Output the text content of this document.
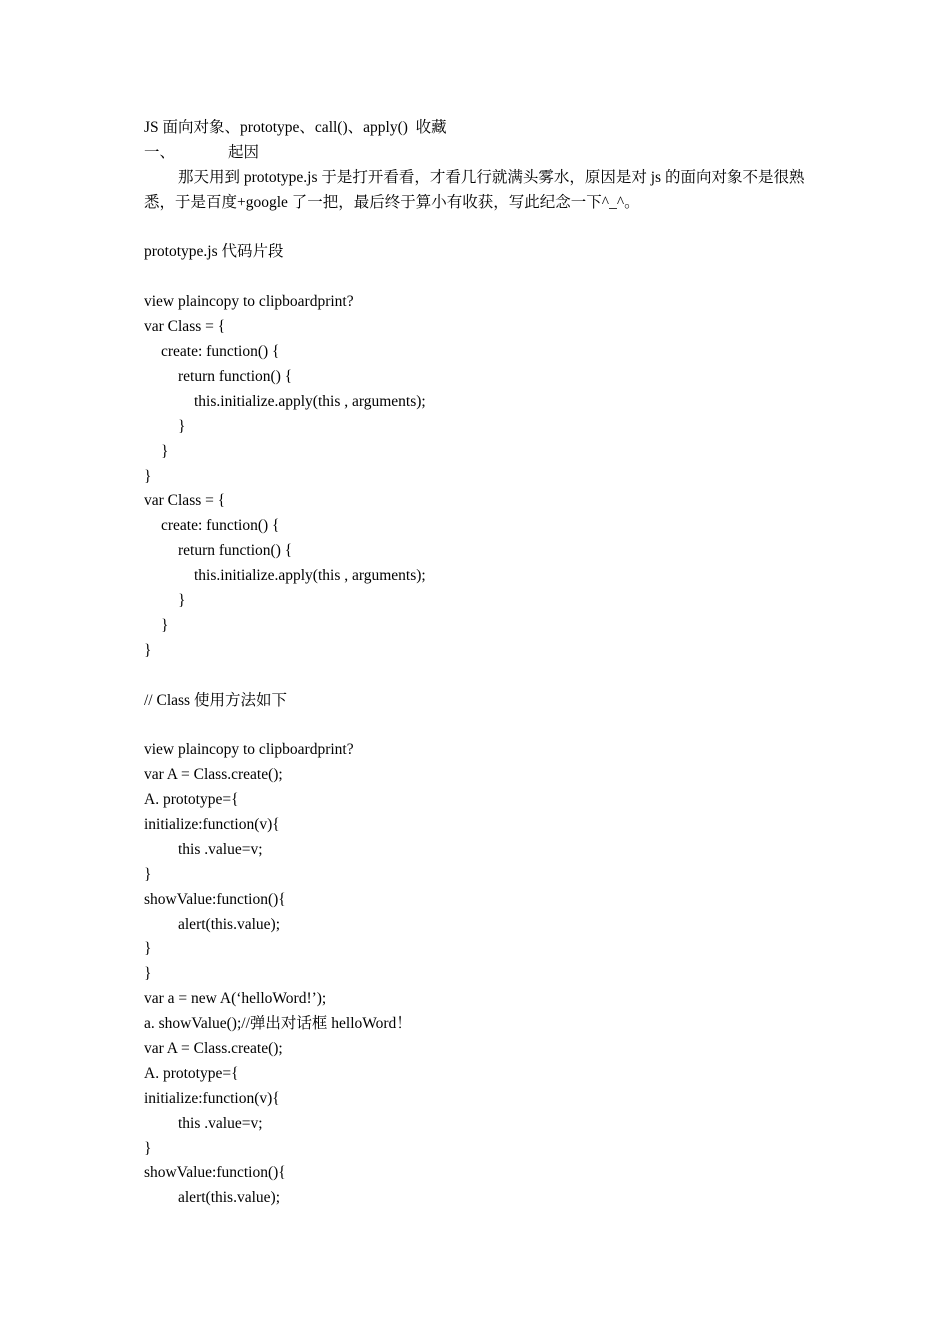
JS 面向对象、prototype、call()、apply()  收藏
一、	起因
那天用到 prototype.js 于是打开看看，才看几行就满头雾水，原因是对 js 的面向对象不是很熟悉，于是百度+google 了一把，最后终于算小有收获，写此纪念一下^_^。
prototype.js 代码片段
view plaincopy to clipboardprint?
var Class = {
create: function() {
return function() {
this.initialize.apply(this , arguments);
}
}
}
var Class = {
create: function() {
return function() {
this.initialize.apply(this , arguments);
}
}
}
// Class 使用方法如下
view plaincopy to clipboardprint?
var A = Class.create();
A. prototype={
initialize:function(v){
this .value=v;
}
showValue:function(){
alert(this.value);
}
}
var a = new A(‘helloWord!’);
a. showValue();//弹出对话框 helloWord！
var A = Class.create();
A. prototype={
initialize:function(v){
this .value=v;
}
showValue:function(){
alert(this.value);
